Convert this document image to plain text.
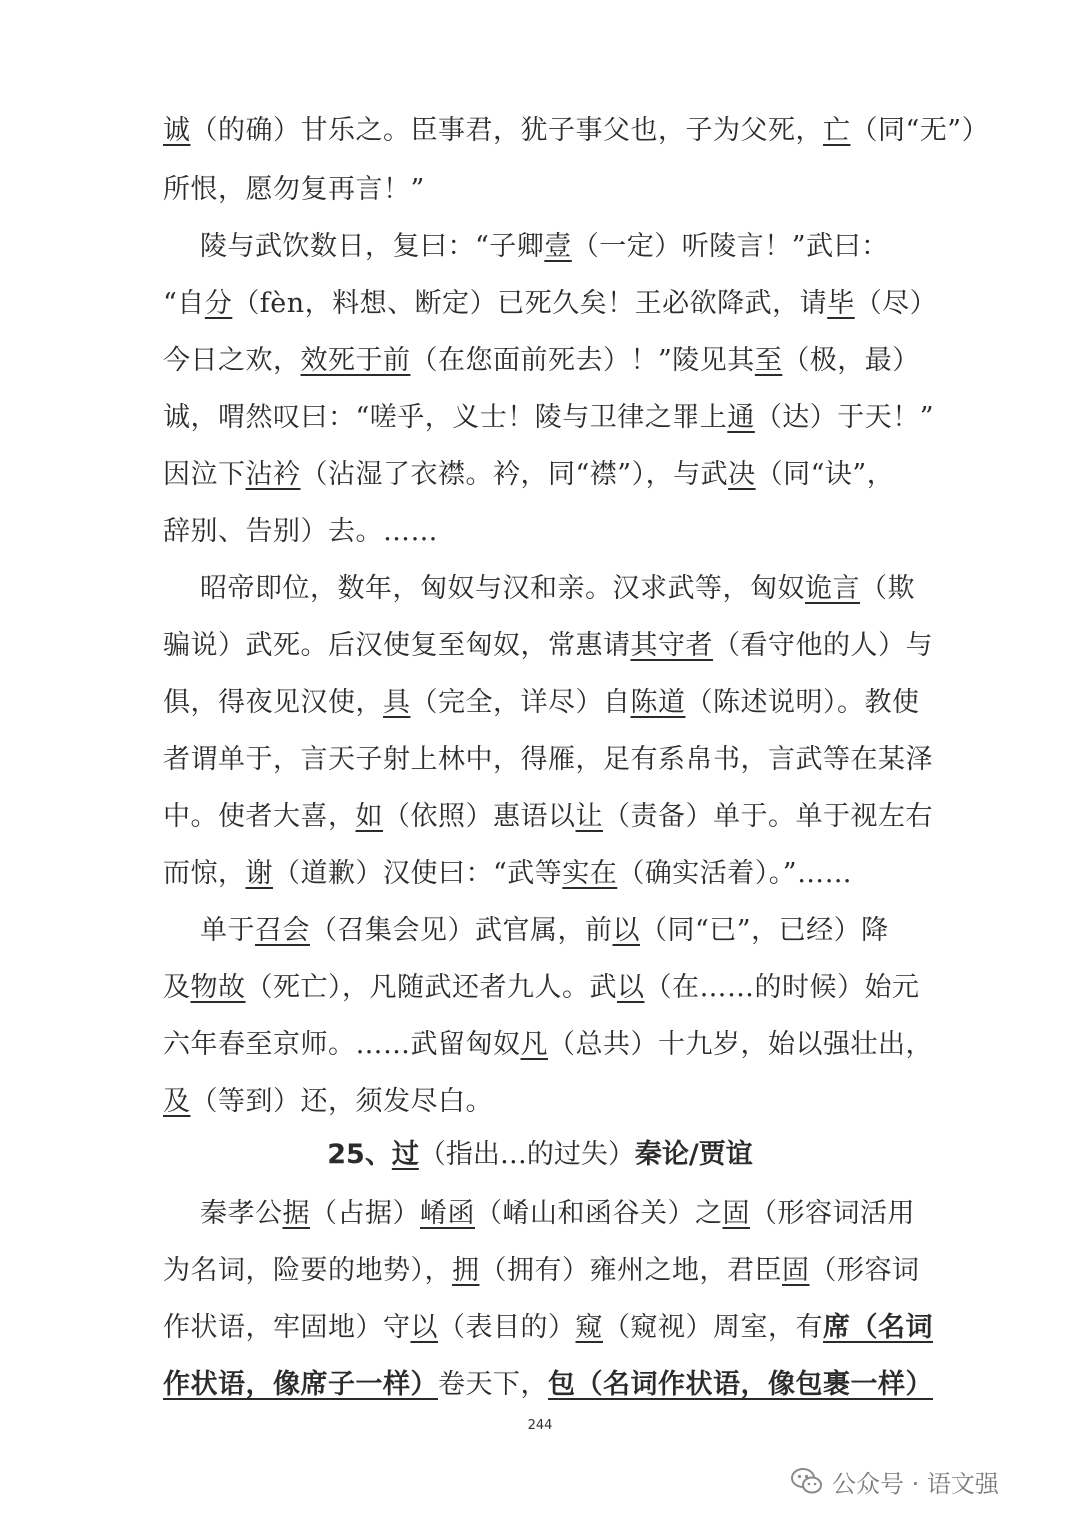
诚（的确）甘乐之。臣事君，犹子事父也，子为父死，亡（同“无”）
所恨，愿勿复再言！”
陵与武饮数日，复曰：“子卿壹（一定）听陵言！”武曰：
“自分（fèn，料想、断定）已死久矣！王必欲降武，请毕（尽）
今日之欢，效死于前（在您面前死去）！”陵见其至（极，最）
诚，喟然叹曰：“嗟乎，义士！陵与卫律之罪上通（达）于天！”
因泣下沾衿（沾湿了衣襟。衿，同“襟”），与武决（同“诀”，
辞别、告别）去。……
昭帝即位，数年，匈奴与汉和亲。汉求武等，匈奴诡言（欺
骗说）武死。后汉使复至匈奴，常惠请其守者（看守他的人）与
俱，得夜见汉使，具（完全，详尽）自陈道（陈述说明）。教使
者谓单于，言天子射上林中，得雁，足有系帛书，言武等在某泽
中。使者大喜，如（依照）惠语以让（责备）单于。单于视左右
而惊，谢（道歉）汉使曰：“武等实在（确实活着）。”……
单于召会（召集会见）武官属，前以（同“已”，已经）降
及物故（死亡），凡随武还者九人。武以（在……的时候）始元
六年春至京师。……武留匈奴凡（总共）十九岁，始以强壮出，
及（等到）还，须发尽白。
秦孝公据（占据）崤函（崤山和函谷关）之固（形容词活用
为名词，险要的地势），拥（拥有）雍州之地，君臣固（形容词
作状语，牢固地）守以（表目的）窥（窥视）周室，有席（名词
作状语，像席子一样）卷天下，包（名词作状语，像包裹一样）
25、过（指出…的过失）秦论/贾谊
244
公众号 · 语文强
